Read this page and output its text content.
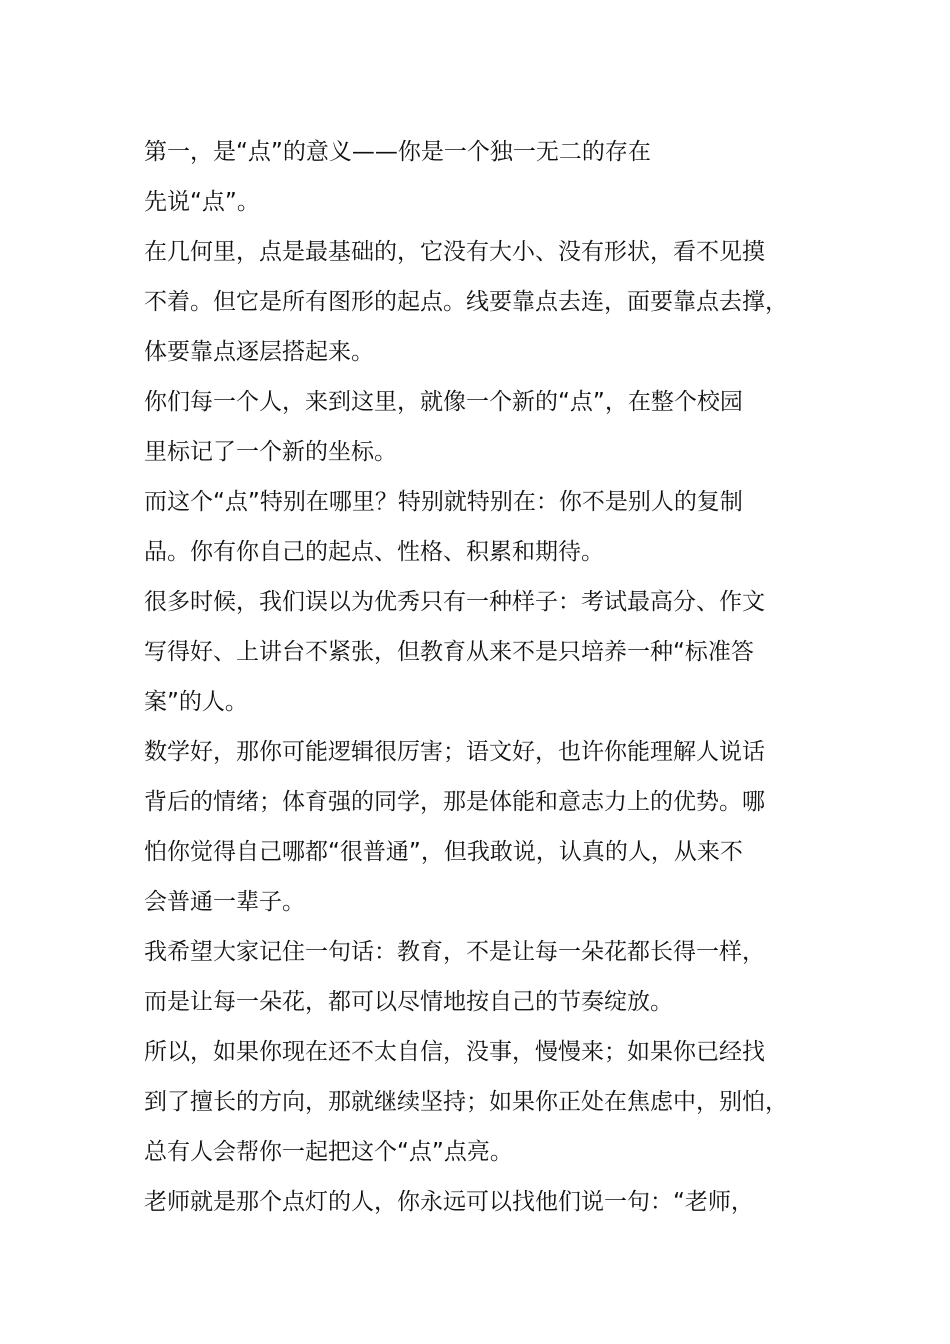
第一，是“点”的意义——你是一个独一无二的存在
先说“点”。
在几何里，点是最基础的，它没有大小、没有形状，看不见摸
不着。但它是所有图形的起点。线要靠点去连，面要靠点去撑，
体要靠点逐层搭起来。
你们每一个人，来到这里，就像一个新的“点”，在整个校园
里标记了一个新的坐标。
而这个“点”特别在哪里？特别就特别在：你不是别人的复制
品。你有你自己的起点、性格、积累和期待。
很多时候，我们误以为优秀只有一种样子：考试最高分、作文
写得好、上讲台不紧张，但教育从来不是只培养一种“标准答
案”的人。
数学好，那你可能逻辑很厉害；语文好，也许你能理解人说话
背后的情绪；体育强的同学，那是体能和意志力上的优势。哪
怕你觉得自己哪都“很普通”，但我敢说，认真的人，从来不
会普通一辈子。
我希望大家记住一句话：教育，不是让每一朵花都长得一样，
而是让每一朵花，都可以尽情地按自己的节奏绽放。
所以，如果你现在还不太自信，没事，慢慢来；如果你已经找
到了擅长的方向，那就继续坚持；如果你正处在焦虑中，别怕，
总有人会帮你一起把这个“点”点亮。
老师就是那个点灯的人，你永远可以找他们说一句：“老师，
